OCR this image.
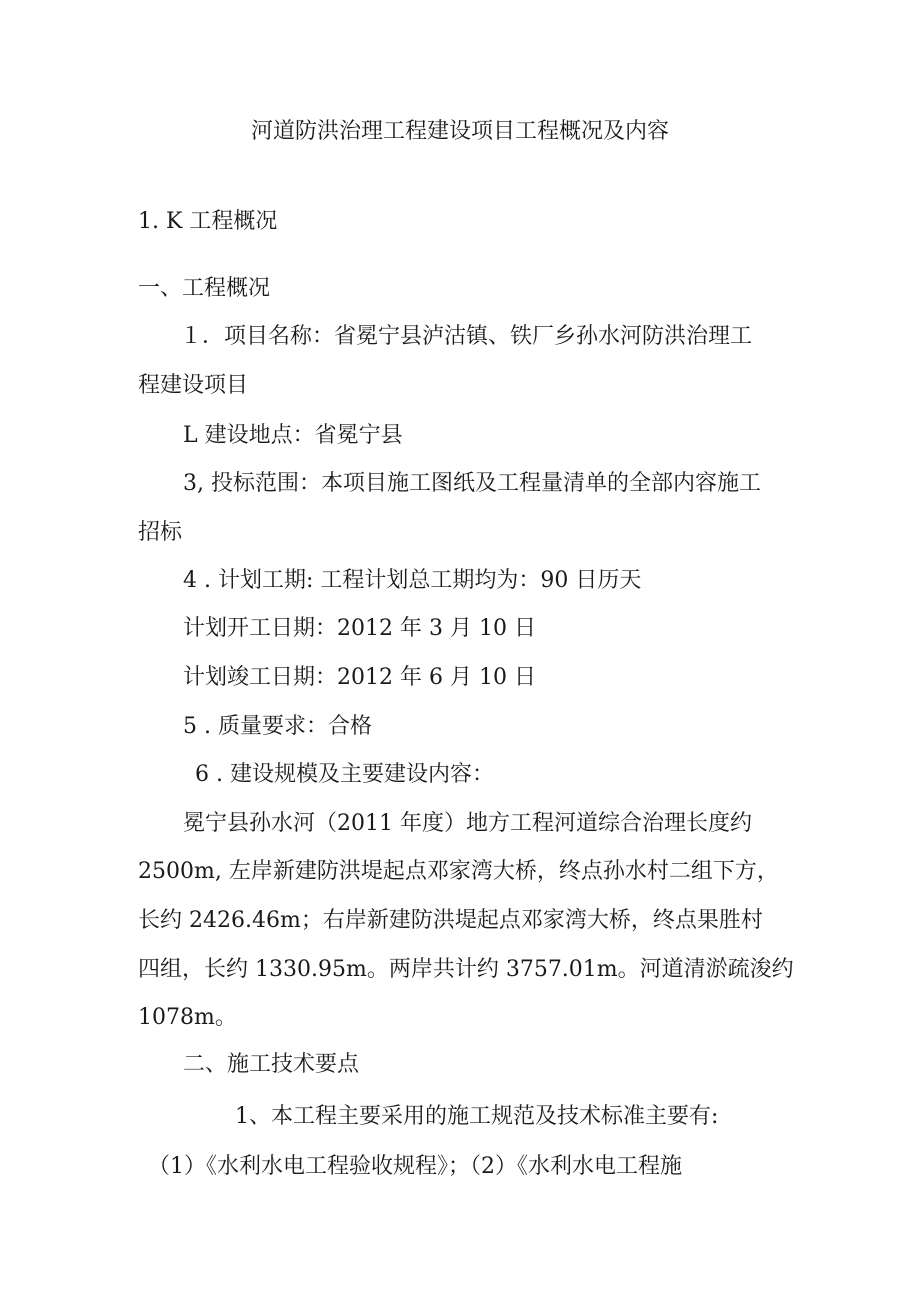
河道防洪治理工程建设项目工程概况及内容
1. K 工程概况
一、工程概况
１．项目名称：省冕宁县泸沽镇、铁厂乡孙水河防洪治理工
程建设项目
L 建设地点：省冕宁县
3, 投标范围：本项目施工图纸及工程量清单的全部内容施工
招标
4 . 计划工期: 工程计划总工期均为：90 日历天
计划开工日期：2012 年 3 月 10 日
计划竣工日期：2012 年 6 月 10 日
5 . 质量要求：合格
6 . 建设规模及主要建设内容：
冕宁县孙水河（2011 年度）地方工程河道综合治理长度约
2500m, 左岸新建防洪堤起点邓家湾大桥，终点孙水村二组下方，
长约 2426.46m；右岸新建防洪堤起点邓家湾大桥，终点果胜村
四组，长约 1330.95m。两岸共计约 3757.01m。河道清淤疏浚约
1078m。
二、施工技术要点
1、本工程主要采用的施工规范及技术标准主要有:
（1）《水利水电工程验收规程》；（2）《水利水电工程施
